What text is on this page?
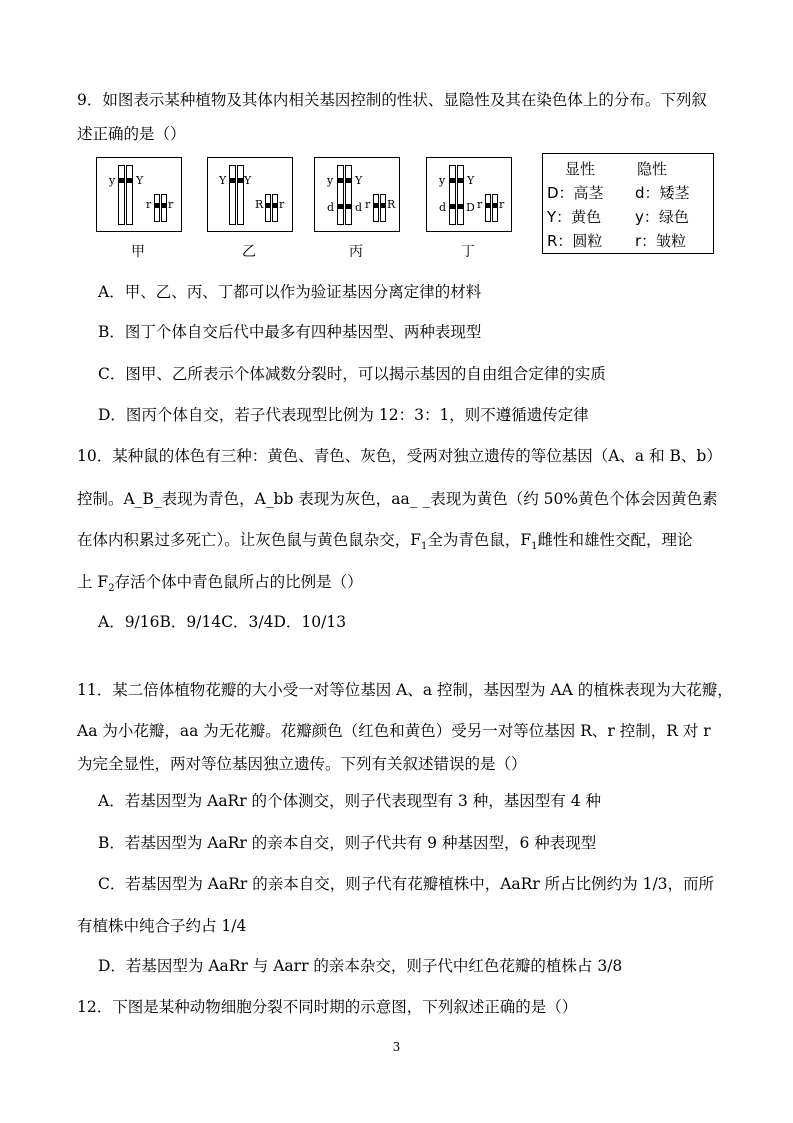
9．如图表示某种植物及其体内相关基因控制的性状、显隐性及其在染色体上的分布。下列叙
述正确的是（）
y Y
r r
甲
Y Y
R r
乙
y Y
d d r R
丙
y Y
d D r r
丁
显性	隐性
D：高茎 d：矮茎
Y：黄色 y：绿色
R：圆粒 r：皱粒
A．甲、乙、丙、丁都可以作为验证基因分离定律的材料
B．图丁个体自交后代中最多有四种基因型、两种表现型
C．图甲、乙所表示个体减数分裂时，可以揭示基因的自由组合定律的实质
D．图丙个体自交，若子代表现型比例为 12：3：1，则不遵循遗传定律
10．某种鼠的体色有三种：黄色、青色、灰色，受两对独立遗传的等位基因（A、a 和 B、b）
控制。A_B_表现为青色，A_bb 表现为灰色，aa_ _表现为黄色（约 50%黄色个体会因黄色素
在体内积累过多死亡）。让灰色鼠与黄色鼠杂交，$F_1$全为青色鼠，$F_1$雌性和雄性交配，理论
上 $F_2$存活个体中青色鼠所占的比例是（）
A．9/16B．9/14C．3/4D．10/13
11．某二倍体植物花瓣的大小受一对等位基因 A、a 控制，基因型为 AA 的植株表现为大花瓣，
Aa 为小花瓣，aa 为无花瓣。花瓣颜色（红色和黄色）受另一对等位基因 R、r 控制，R 对 r
为完全显性，两对等位基因独立遗传。下列有关叙述错误的是（）
A．若基因型为 AaRr 的个体测交，则子代表现型有 3 种，基因型有 4 种
B．若基因型为 AaRr 的亲本自交，则子代共有 9 种基因型，6 种表现型
C．若基因型为 AaRr 的亲本自交，则子代有花瓣植株中，AaRr 所占比例约为 1/3，而所
有植株中纯合子约占 1/4
D．若基因型为 AaRr 与 Aarr 的亲本杂交，则子代中红色花瓣的植株占 3/8
12．下图是某种动物细胞分裂不同时期的示意图，下列叙述正确的是（）
3
